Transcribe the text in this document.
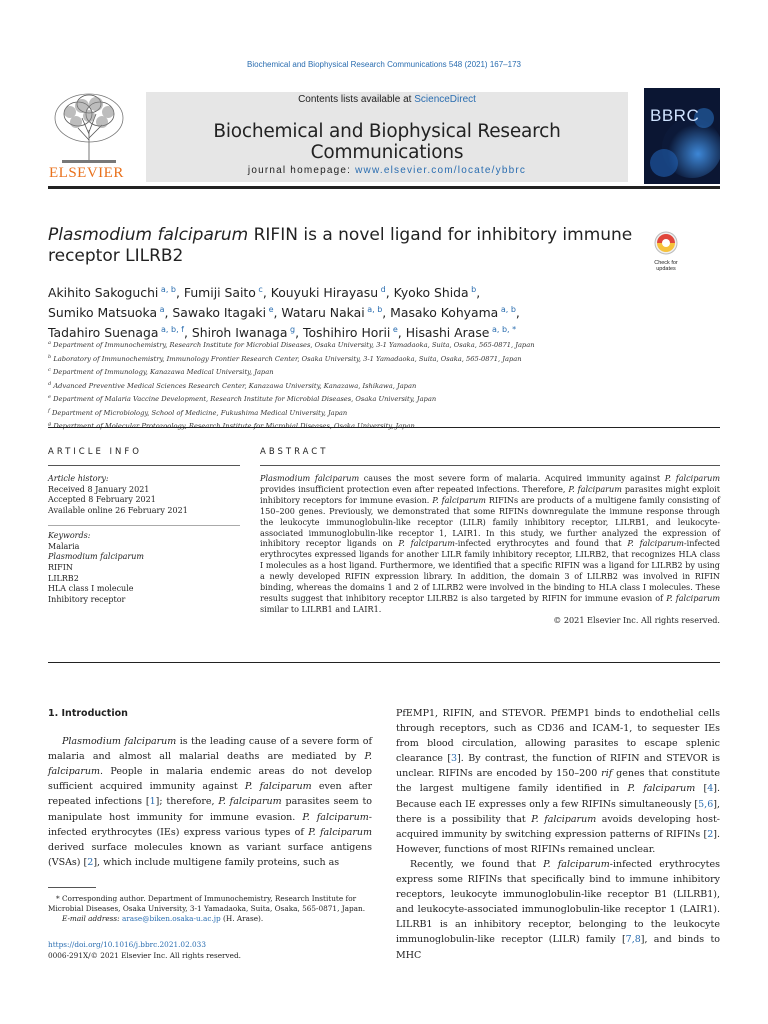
Biochemical and Biophysical Research Communications 548 (2021) 167–173
ELSEVIER
Contents lists available at ScienceDirect
Biochemical and Biophysical Research Communications
journal homepage: www.elsevier.com/locate/ybbrc
BBRC
Plasmodium falciparum RIFIN is a novel ligand for inhibitory immune
receptor LILRB2	Check for updates
Akihito Sakoguchi $^{a, b}$, Fumiji Saito $^c$, Kouyuki Hirayasu $^d$, Kyoko Shida $^b$,
Sumiko Matsuoka $^a$, Sawako Itagaki $^e$, Wataru Nakai $^{a, b}$, Masako Kohyama $^{a, b}$,
Tadahiro Suenaga $^{a, b, f}$, Shiroh Iwanaga $^g$, Toshihiro Horii $^e$, Hisashi Arase $^{a, b, *}$
$^a$ Department of Immunochemistry, Research Institute for Microbial Diseases, Osaka University, 3-1 Yamadaoka, Suita, Osaka, 565-0871, Japan
$^b$ Laboratory of Immunochemistry, Immunology Frontier Research Center, Osaka University, 3-1 Yamadaoka, Suita, Osaka, 565-0871, Japan
$^c$ Department of Immunology, Kanazawa Medical University, Japan
$^d$ Advanced Preventive Medical Sciences Research Center, Kanazawa University, Kanazawa, Ishikawa, Japan
$^e$ Department of Malaria Vaccine Development, Research Institute for Microbial Diseases, Osaka University, Japan
$^f$ Department of Microbiology, School of Medicine, Fukushima Medical University, Japan
$^g$
ARTICLE INFO
Article history:
Received 8 January 2021
Accepted 8 February 2021
Available online 26 February 2021
Keywords:
Malaria
Plasmodium falciparum
RIFIN
LILRB2
HLA class I molecule
Inhibitory receptor
ABSTRACT
Plasmodium falciparum causes the most severe form of malaria. Acquired immunity against P. falciparum provides insufficient protection even after repeated infections. Therefore, P. falciparum parasites might exploit inhibitory receptors for immune evasion. P. falciparum RIFINs are products of a multigene family consisting of 150–200 genes. Previously, we demonstrated that some RIFINs downregulate the immune response through the leukocyte immunoglobulin-like receptor (LILR) family inhibitory receptor, LILRB1, and leukocyte-associated immunoglobulin-like receptor 1, LAIR1. In this study, we further analyzed the expression of inhibitory receptor ligands on P. falciparum-infected erythrocytes and found that P. falciparum-infected erythrocytes expressed ligands for another LILR family inhibitory receptor, LILRB2, that recognizes HLA class I molecules as a host ligand. Furthermore, we identified that a specific RIFIN was a ligand for LILRB2 by using a newly developed RIFIN expression library. In addition, the domain 3 of LILRB2 was involved in RIFIN binding, whereas the domains 1 and 2 of LILRB2 were involved in the binding to HLA class I molecules. These results suggest that inhibitory receptor LILRB2 is also targeted by RIFIN for immune evasion of P. falciparum similar to LILRB1 and LAIR1.
© 2021 Elsevier Inc. All rights reserved.
1. Introduction

Plasmodium falciparum is the leading cause of a severe form of malaria and almost all malarial deaths are mediated by P. falciparum. People in malaria endemic areas do not develop sufficient acquired immunity against P. falciparum even after repeated infections [1]; therefore, P. falciparum parasites seem to manipulate host immunity for immune evasion. P. falciparum-infected erythrocytes (IEs) express various types of P. falciparum derived surface molecules known as variant surface antigens (VSAs) [2], which include multigene family proteins, such as

PfEMP1, RIFIN, and STEVOR. PfEMP1 binds to endothelial cells through receptors, such as CD36 and ICAM-1, to sequester IEs from blood circulation, allowing parasites to escape splenic clearance [3]. By contrast, the function of RIFIN and STEVOR is unclear. RIFINs are encoded by 150–200 rif genes that constitute the largest multigene family identified in P. falciparum [4]. Because each IE expresses only a few RIFINs simultaneously [5,6], there is a possibility that P. falciparum avoids developing host-acquired immunity by switching expression patterns of RIFINs [2]. However, functions of most RIFINs remained unclear.

Recently, we found that P. falciparum-infected erythrocytes express some RIFINs that specifically bind to immune inhibitory receptors, leukocyte immunoglobulin-like receptor B1 (LILRB1), and leukocyte-associated immunoglobulin-like receptor 1 (LAIR1). LILRB1 is an inhibitory receptor, belonging to the leukocyte immunoglobulin-like receptor (LILR) family [7,8], and binds to MHC

* Corresponding author. Department of Immunochemistry, Research Institute for Microbial Diseases, Osaka University, 3-1 Yamadaoka, Suita, Osaka, 565-0871, Japan.
E-mail address: arase@biken.osaka-u.ac.jp (H. Arase).
https://doi.org/10.1016/j.bbrc.2021.02.033
0006-291X/© 2021 Elsevier Inc. All rights reserved.
